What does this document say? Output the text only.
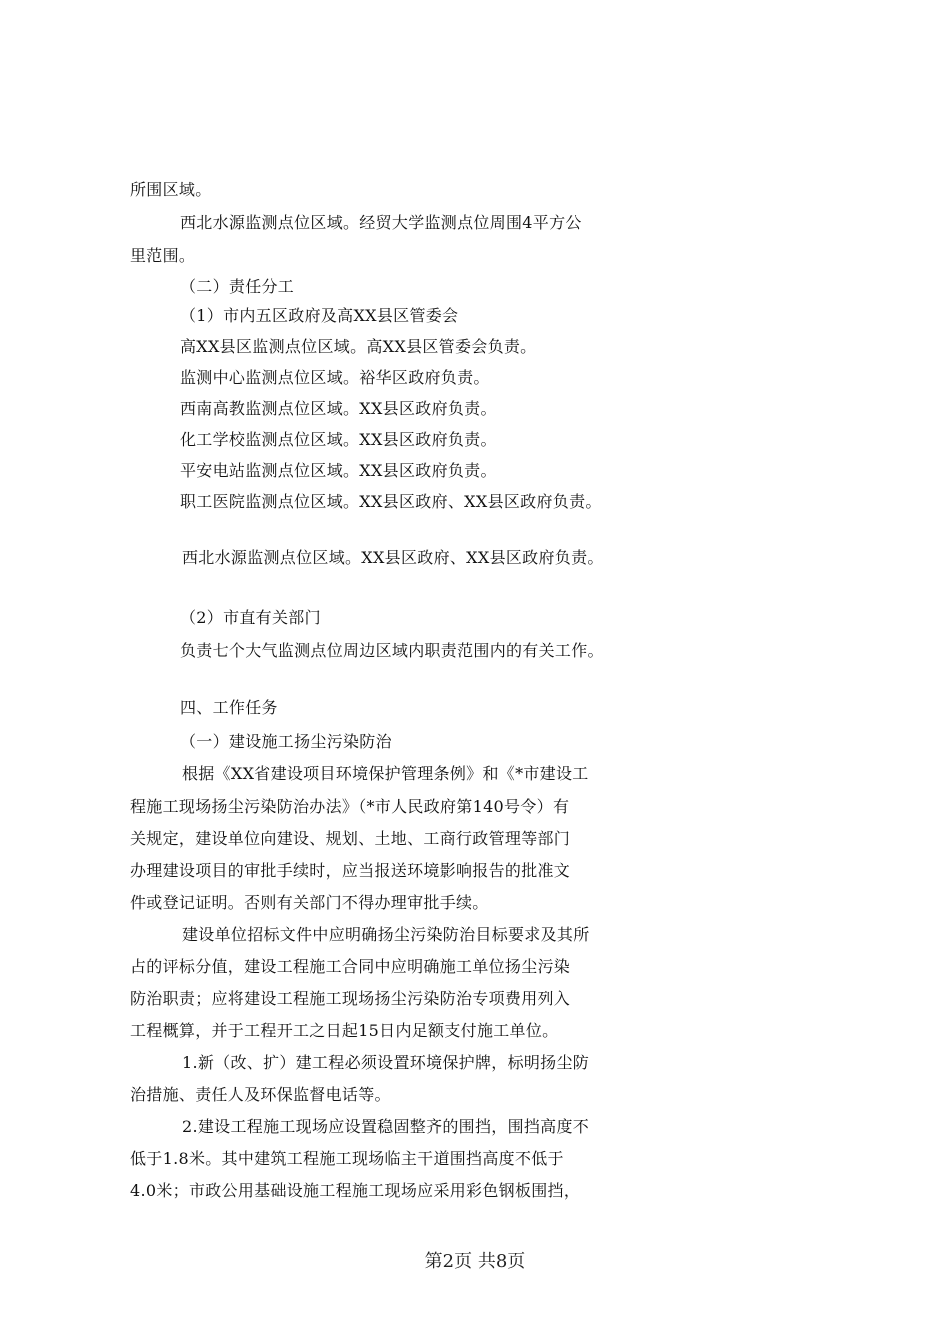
所围区域。
西北水源监测点位区域。经贸大学监测点位周围4平方公
里范围。
（二）责任分工
（1）市内五区政府及高XX县区管委会
高XX县区监测点位区域。高XX县区管委会负责。
监测中心监测点位区域。裕华区政府负责。
西南高教监测点位区域。XX县区政府负责。
化工学校监测点位区域。XX县区政府负责。
平安电站监测点位区域。XX县区政府负责。
职工医院监测点位区域。XX县区政府、XX县区政府负责。
西北水源监测点位区域。XX县区政府、XX县区政府负责。
（2）市直有关部门
负责七个大气监测点位周边区域内职责范围内的有关工作。
四、工作任务
（一）建设施工扬尘污染防治
根据《XX省建设项目环境保护管理条例》和《*市建设工
程施工现场扬尘污染防治办法》（*市人民政府第140号令）有
关规定，建设单位向建设、规划、土地、工商行政管理等部门
办理建设项目的审批手续时，应当报送环境影响报告的批准文
件或登记证明。否则有关部门不得办理审批手续。
建设单位招标文件中应明确扬尘污染防治目标要求及其所
占的评标分值，建设工程施工合同中应明确施工单位扬尘污染
防治职责；应将建设工程施工现场扬尘污染防治专项费用列入
工程概算，并于工程开工之日起15日内足额支付施工单位。
1.新（改、扩）建工程必须设置环境保护牌，标明扬尘防
治措施、责任人及环保监督电话等。
2.建设工程施工现场应设置稳固整齐的围挡，围挡高度不
低于1.8米。其中建筑工程施工现场临主干道围挡高度不低于
4.0米；市政公用基础设施工程施工现场应采用彩色钢板围挡，
第2页 共8页
